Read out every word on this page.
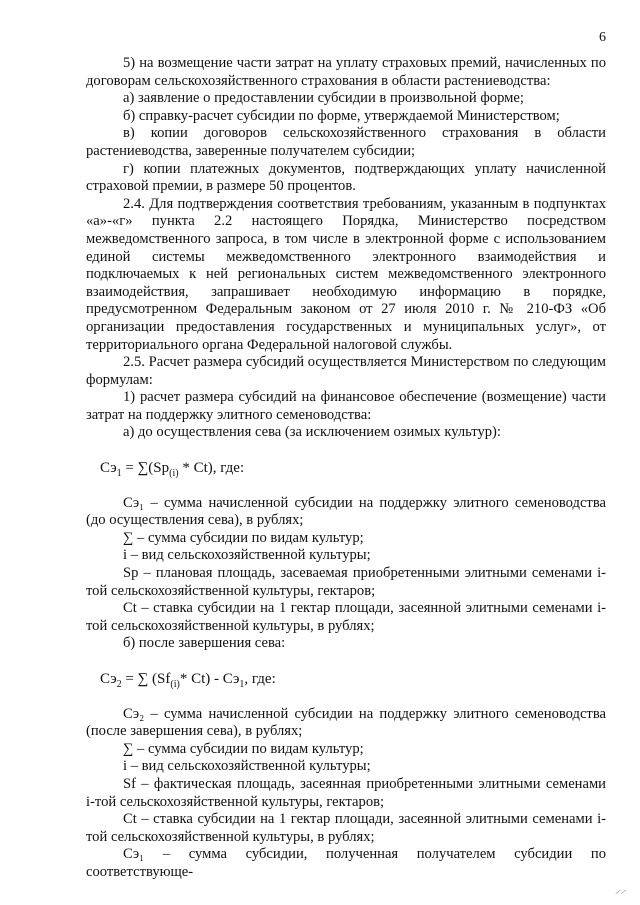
6

5) на возмещение части затрат на уплату страховых премий, начисленных по договорам сельскохозяйственного страхования в области растениеводства:

а) заявление о предоставлении субсидии в произвольной форме;

б) справку-расчет субсидии по форме, утверждаемой Министерством;

в) копии договоров сельскохозяйственного страхования в области растениеводства, заверенные получателем субсидии;

г) копии платежных документов, подтверждающих уплату начисленной страховой премии, в размере 50 процентов.

2.4. Для подтверждения соответствия требованиям, указанным в подпунктах «а»-«г» пункта 2.2 настоящего Порядка, Министерство посредством межведомственного запроса, в том числе в электронной форме с использованием единой системы межведомственного электронного взаимодействия и подключаемых к ней региональных систем межведомственного электронного взаимодействия, запрашивает необходимую информацию в порядке, предусмотренном Федеральным законом от 27 июля 2010 г. № 210-ФЗ «Об организации предоставления государственных и муниципальных услуг», от территориального органа Федеральной налоговой службы.

2.5. Расчет размера субсидий осуществляется Министерством по следующим формулам:

1) расчет размера субсидий на финансовое обеспечение (возмещение) части затрат на поддержку элитного семеноводства:

а) до осуществления сева (за исключением озимых культур):

$Сэ_1 = \sum(Sp_{(i)} * Ct)$, где:

Сэ₁ – сумма начисленной субсидии на поддержку элитного семеноводства (до осуществления сева), в рублях;

∑ – сумма субсидии по видам культур;

i – вид сельскохозяйственной культуры;

Sp – плановая площадь, засеваемая приобретенными элитными семенами i-той сельскохозяйственной культуры, гектаров;

Ct – ставка субсидии на 1 гектар площади, засеянной элитными семенами i-той сельскохозяйственной культуры, в рублях;

б) после завершения сева:

$Сэ_2$ = ∑ ($Sf_{(i)}*$ $Ct) - Сэ_1$, где:

Сэ₂ – сумма начисленной субсидии на поддержку элитного семеноводства (после завершения сева), в рублях;

∑ – сумма субсидии по видам культур;

i – вид сельскохозяйственной культуры;

Sf – фактическая площадь, засеянная приобретенными элитными семенами i-той сельскохозяйственной культуры, гектаров;

Ct – ставка субсидии на 1 гектар площади, засеянной элитными семенами i-той сельскохозяйственной культуры, в рублях;

Сэ₁ – сумма субсидии, полученная получателем субсидии по соответствующе-

⸝⸝
